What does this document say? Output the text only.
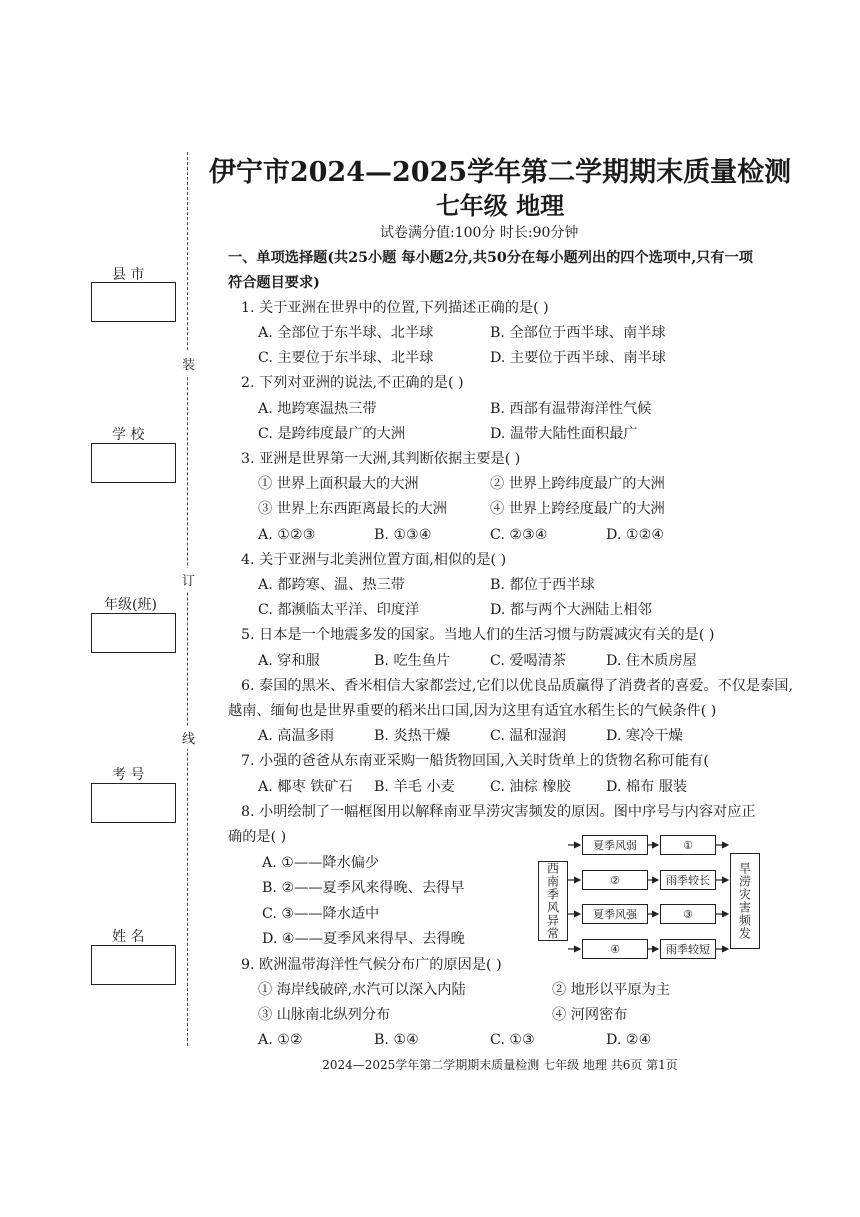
装
订
线
县 市
学 校
年级(班)
考 号
姓 名
伊宁市2024—2025学年第二学期期末质量检测
七年级 地理
试卷满分值:100分 时长:90分钟
一、单项选择题(共25小题 每小题2分,共50分在每小题列出的四个选项中,只有一项
符合题目要求)
1. 关于亚洲在世界中的位置,下列描述正确的是( )
A. 全部位于东半球、北半球	B. 全部位于西半球、南半球
C. 主要位于东半球、北半球	D. 主要位于西半球、南半球
2. 下列对亚洲的说法,不正确的是( )
A. 地跨寒温热三带	B. 西部有温带海洋性气候
C. 是跨纬度最广的大洲	D. 温带大陆性面积最广
3. 亚洲是世界第一大洲,其判断依据主要是( )
① 世界上面积最大的大洲	② 世界上跨纬度最广的大洲
③ 世界上东西距离最长的大洲	④ 世界上跨经度最广的大洲
A. ①②③	B. ①③④	C. ②③④	D. ①②④
4. 关于亚洲与北美洲位置方面,相似的是( )
A. 都跨寒、温、热三带	B. 都位于西半球
C. 都濒临太平洋、印度洋	D. 都与两个大洲陆上相邻
5. 日本是一个地震多发的国家。当地人们的生活习惯与防震减灾有关的是( )
A. 穿和服	B. 吃生鱼片	C. 爱喝清茶	D. 住木质房屋
6. 泰国的黑米、香米相信大家都尝过,它们以优良品质赢得了消费者的喜爱。不仅是泰国,
越南、缅甸也是世界重要的稻米出口国,因为这里有适宜水稻生长的气候条件( )
A. 高温多雨	B. 炎热干燥	C. 温和湿润	D. 寒冷干燥
7. 小强的爸爸从东南亚采购一船货物回国,入关时货单上的货物名称可能有(
A. 椰枣 铁矿石 B. 羊毛 小麦 C. 油棕 橡胶 D. 棉布 服装
8. 小明绘制了一幅框图用以解释南亚旱涝灾害频发的原因。图中序号与内容对应正
确的是( )
A. ①——降水偏少
B. ②——夏季风来得晚、去得早
C. ③——降水适中
D. ④——夏季风来得早、去得晚	西南季风异常
夏季风弱	①
②	雨季较长
夏季风强	③
④	雨季较短
旱涝灾害频发
9. 欧洲温带海洋性气候分布广的原因是( )
① 海岸线破碎,水汽可以深入内陆	② 地形以平原为主
③ 山脉南北纵列分布	④ 河网密布
A. ①②	B. ①④	C. ①③	D. ②④
2024—2025学年第二学期期末质量检测 七年级 地理 共6页 第1页
